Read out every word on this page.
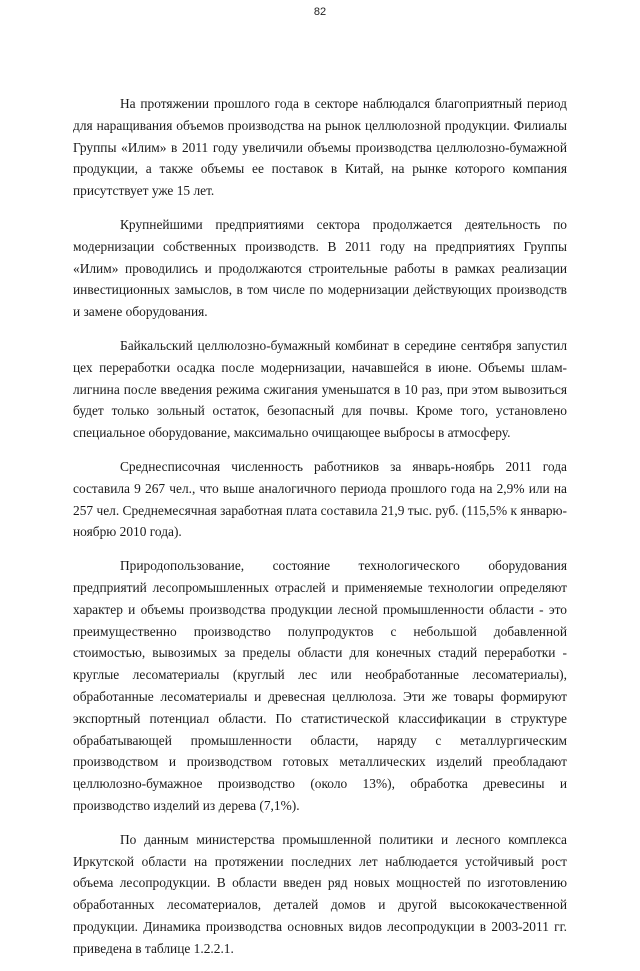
82

На протяжении прошлого года в секторе наблюдался благоприятный период для наращивания объемов производства на рынок целлюлозной продукции. Филиалы Группы «Илим» в 2011 году увеличили объемы производства целлюлозно-бумажной продукции, а также объемы ее поставок в Китай, на рынке которого компания присутствует уже 15 лет.

Крупнейшими предприятиями сектора продолжается деятельность по модернизации собственных производств. В 2011 году на предприятиях Группы «Илим» проводились и продолжаются строительные работы в рамках реализации инвестиционных замыслов, в том числе по модернизации действующих производств и замене оборудования.

Байкальский целлюлозно-бумажный комбинат в середине сентября запустил цех переработки осадка после модернизации, начавшейся в июне. Объемы шлам-лигнина после введения режима сжигания уменьшатся в 10 раз, при этом вывозиться будет только зольный остаток, безопасный для почвы. Кроме того, установлено специальное оборудование, максимально очищающее выбросы в атмосферу.

Среднесписочная численность работников за январь-ноябрь 2011 года составила 9 267 чел., что выше аналогичного периода прошлого года на 2,9% или на 257 чел. Среднемесячная заработная плата составила 21,9 тыс. руб. (115,5% к январю-ноябрю 2010 года).

Природопользование, состояние технологического оборудования предприятий лесопромышленных отраслей и применяемые технологии определяют характер и объемы производства продукции лесной промышленности области - это преимущественно производство полупродуктов с небольшой добавленной стоимостью, вывозимых за пределы области для конечных стадий переработки - круглые лесоматериалы (круглый лес или необработанные лесоматериалы), обработанные лесоматериалы и древесная целлюлоза. Эти же товары формируют экспортный потенциал области. По статистической классификации в структуре обрабатывающей промышленности области, наряду с металлургическим производством и производством готовых металлических изделий преобладают целлюлозно-бумажное производство (около 13%), обработка древесины и производство изделий из дерева (7,1%).

По данным министерства промышленной политики и лесного комплекса Иркутской области на протяжении последних лет наблюдается устойчивый рост объема лесопродукции. В области введен ряд новых мощностей по изготовлению обработанных лесоматериалов, деталей домов и другой высококачественной продукции. Динамика производства основных видов лесопродукции в 2003-2011 гг. приведена в таблице 1.2.2.1.
